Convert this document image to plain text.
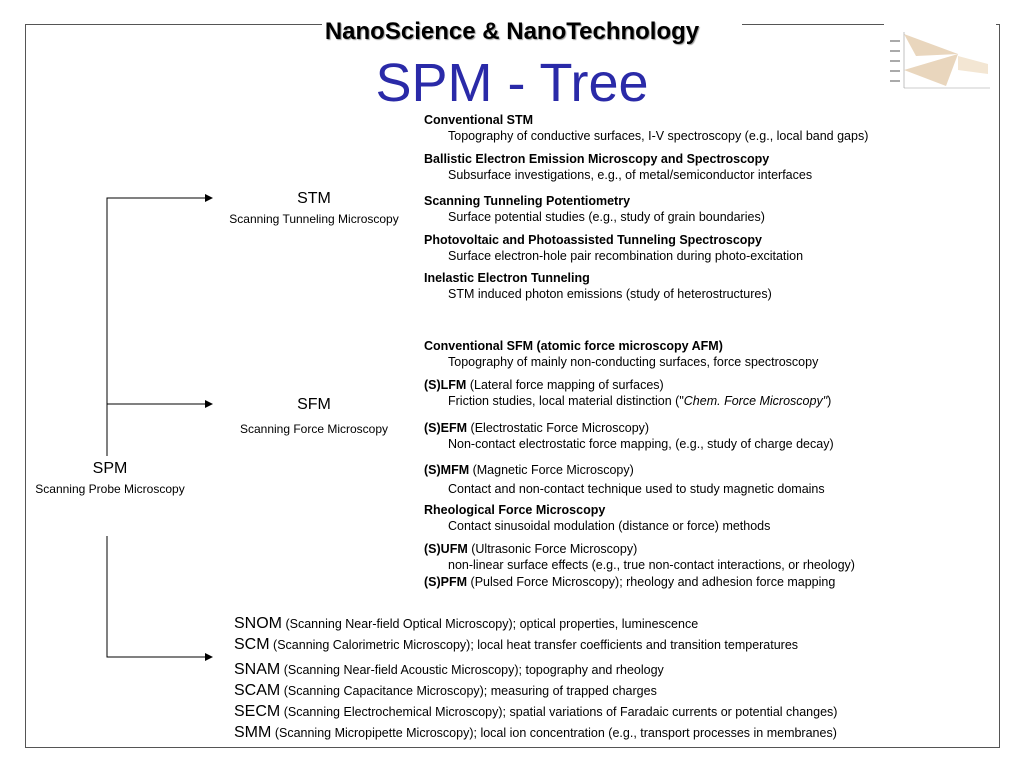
NanoScience & NanoTechnology
SPM - Tree
SPM
Scanning Probe Microscopy
STM
Scanning Tunneling Microscopy
SFM
Scanning Force Microscopy
Conventional STM
Topography of conductive surfaces, I-V spectroscopy (e.g., local band gaps)
Ballistic Electron Emission Microscopy and Spectroscopy
Subsurface investigations, e.g., of metal/semiconductor interfaces
Scanning Tunneling Potentiometry
Surface potential studies (e.g., study of grain boundaries)
Photovoltaic and Photoassisted Tunneling Spectroscopy
Surface electron-hole pair recombination during photo-excitation
Inelastic Electron Tunneling
STM induced photon emissions (study of heterostructures)
Conventional SFM (atomic force microscopy AFM)
Topography of mainly non-conducting surfaces, force spectroscopy
(S)LFM (Lateral force mapping of surfaces)
Friction studies, local material distinction ("Chem. Force Microscopy")
(S)EFM (Electrostatic Force Microscopy)
Non-contact electrostatic force mapping, (e.g., study of charge decay)
(S)MFM (Magnetic Force Microscopy)
Contact and non-contact technique used to study magnetic domains
Rheological Force Microscopy
Contact sinusoidal modulation (distance or force) methods
(S)UFM (Ultrasonic Force Microscopy)
non-linear surface effects (e.g., true non-contact interactions, or rheology)
(S)PFM (Pulsed Force Microscopy); rheology and adhesion force mapping
SNOM (Scanning Near-field Optical Microscopy); optical properties, luminescence
SCM (Scanning Calorimetric Microscopy); local heat transfer coefficients and transition temperatures
SNAM (Scanning Near-field Acoustic Microscopy); topography and rheology
SCAM (Scanning Capacitance Microscopy); measuring of trapped charges
SECM (Scanning Electrochemical Microscopy); spatial variations of Faradaic currents or potential changes)
SMM (Scanning Micropipette Microscopy); local ion concentration (e.g., transport processes in membranes)
